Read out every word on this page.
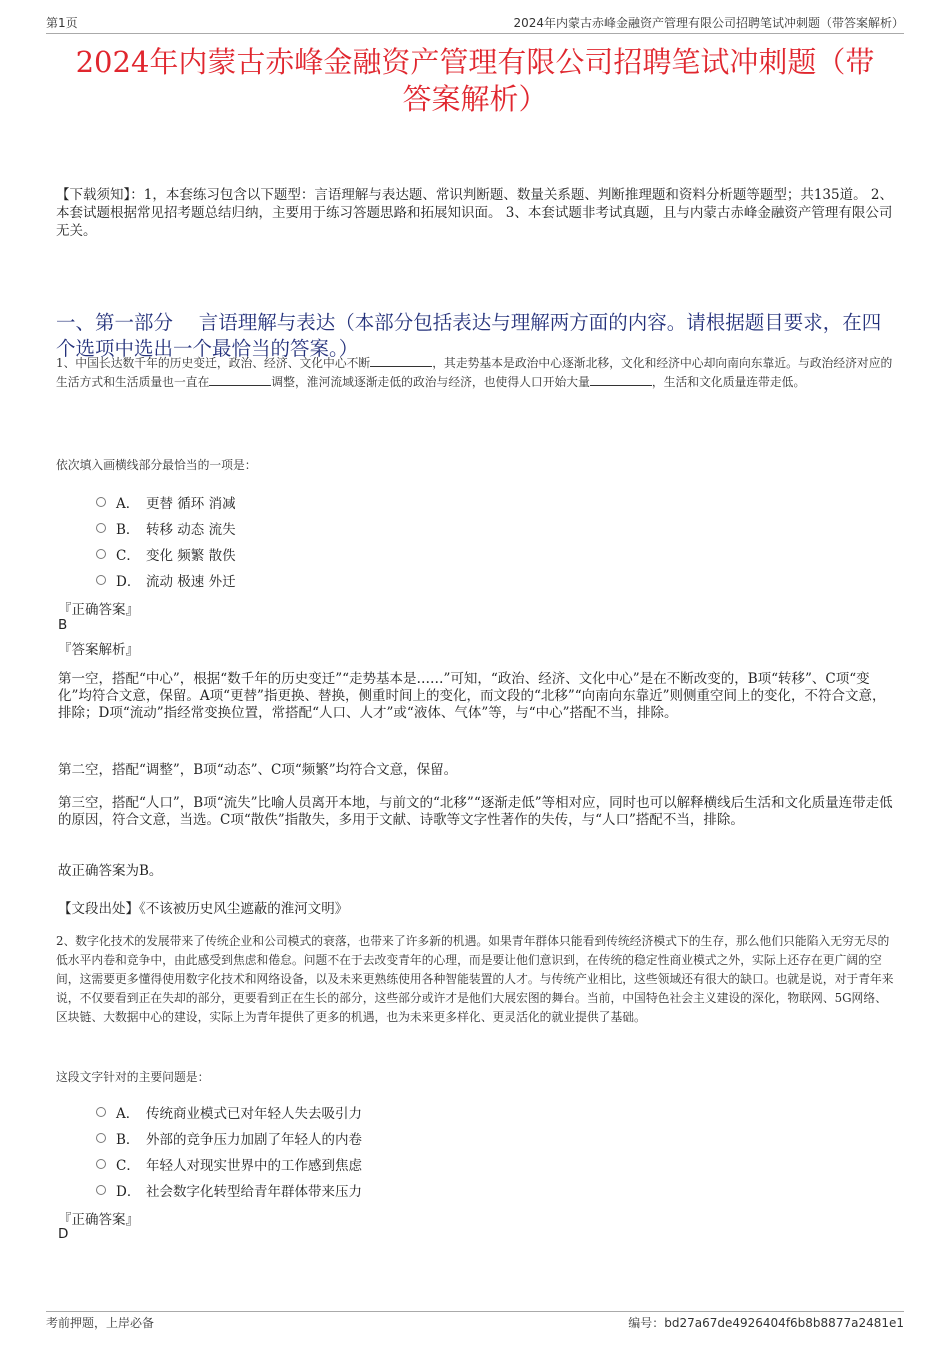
第1页	2024年内蒙古赤峰金融资产管理有限公司招聘笔试冲刺题（带答案解析）
2024年内蒙古赤峰金融资产管理有限公司招聘笔试冲刺题（带
答案解析）
【下载须知】：1，本套练习包含以下题型：言语理解与表达题、常识判断题、数量关系题、判断推理题和资料分析题等题型；共135道。 2、本套试题根据常见招考题总结归纳，主要用于练习答题思路和拓展知识面。 3、本套试题非考试真题，且与内蒙古赤峰金融资产管理有限公司无关。
一、第一部分　 言语理解与表达（本部分包括表达与理解两方面的内容。请根据题目要求，在四个选项中选出一个最恰当的答案。）
1、中国长达数千年的历史变迁，政治、经济、文化中心不断	，其走势基本是政治中心逐渐北移，文化和经济中心却向南向东靠近。与政治经济对应的生活方式和生活质量也一直在	调整，淮河流域逐渐走低的政治与经济，也使得人口开始大量	，生活和文化质量连带走低。
依次填入画横线部分最恰当的一项是：
A． 更替 循环 消减
B． 转移 动态 流失
C． 变化 频繁 散佚
D． 流动 极速 外迁
『正确答案』
B
『答案解析』
第一空，搭配“中心”，根据“数千年的历史变迁”“走势基本是……”可知，“政治、经济、文化中心”是在不断改变的，B项“转移”、C项“变化”均符合文意，保留。A项“更替”指更换、替换，侧重时间上的变化，而文段的“北移”“向南向东靠近”则侧重空间上的变化，不符合文意，排除；D项“流动”指经常变换位置，常搭配“人口、人才”或“液体、气体”等，与“中心”搭配不当，排除。
第二空，搭配“调整”，B项“动态”、C项“频繁”均符合文意，保留。
第三空，搭配“人口”，B项“流失”比喻人员离开本地，与前文的“北移”“逐渐走低”等相对应，同时也可以解释横线后生活和文化质量连带走低的原因，符合文意，当选。C项“散佚”指散失，多用于文献、诗歌等文字性著作的失传，与“人口”搭配不当，排除。
故正确答案为B。
【文段出处】《不该被历史风尘遮蔽的淮河文明》
2、数字化技术的发展带来了传统企业和公司模式的衰落，也带来了许多新的机遇。如果青年群体只能看到传统经济模式下的生存，那么他们只能陷入无穷无尽的低水平内卷和竞争中，由此感受到焦虑和倦怠。问题不在于去改变青年的心理，而是要让他们意识到，在传统的稳定性商业模式之外，实际上还存在更广阔的空间，这需要更多懂得使用数字化技术和网络设备，以及未来更熟练使用各种智能装置的人才。与传统产业相比，这些领域还有很大的缺口。也就是说，对于青年来说，不仅要看到正在失却的部分，更要看到正在生长的部分，这些部分或许才是他们大展宏图的舞台。当前，中国特色社会主义建设的深化，物联网、5G网络、区块链、大数据中心的建设，实际上为青年提供了更多的机遇，也为未来更多样化、更灵活化的就业提供了基础。
这段文字针对的主要问题是：
A． 传统商业模式已对年轻人失去吸引力
B． 外部的竞争压力加剧了年轻人的内卷
C． 年轻人对现实世界中的工作感到焦虑
D． 社会数字化转型给青年群体带来压力
『正确答案』
D
考前押题，上岸必备	编号：bd27a67de4926404f6b8b8877a2481e1
